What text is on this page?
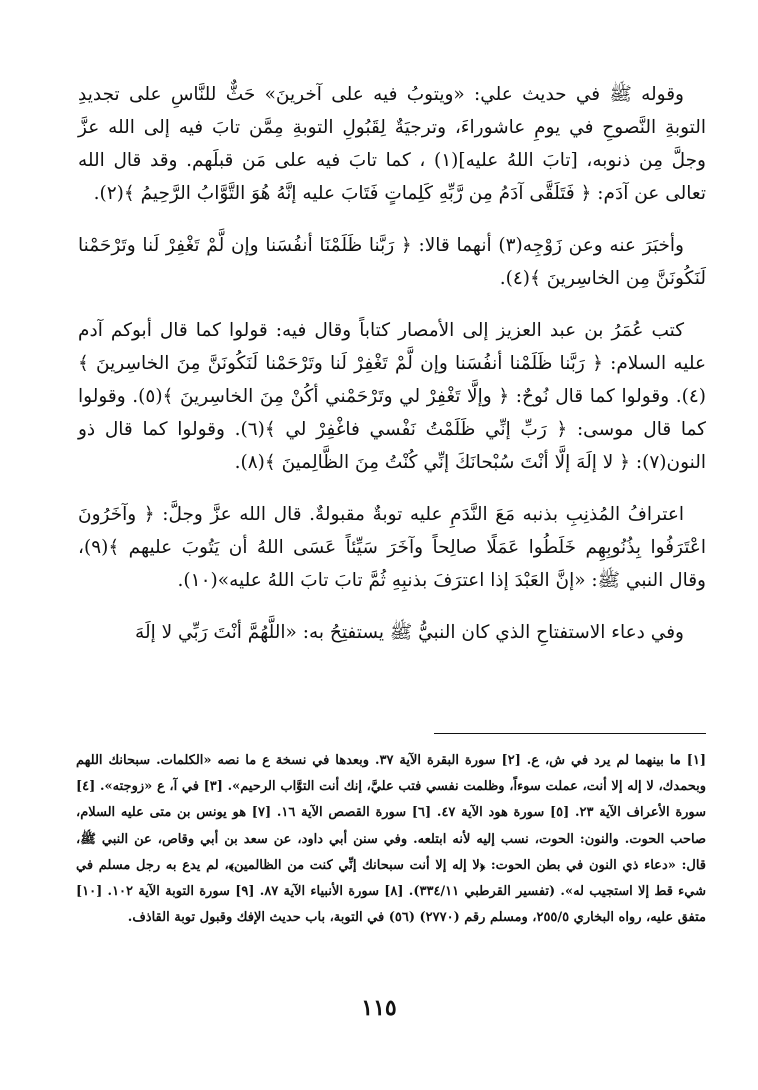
وقوله ﷺ في حديث علي: «ويتوبُ فيه على آخرينَ» حَثٌّ للنَّاسِ على تجديدِ التوبةِ النَّصوحِ في يومِ عاشوراءَ، وترجيَةٌ لِقَبُولِ التوبةِ مِمَّن تابَ فيه إلى الله عزَّ وجلَّ مِن ذنوبه، [تابَ اللهُ عليه](١) ، كما تابَ فيه على مَن قبلَهم. وقد قال الله تعالى عن آدَم: ﴿ فَتَلَقَّى آدَمُ مِن رَّبِّهِ كَلِماتٍ فَتَابَ عليه إنَّهُ هُوَ التَّوَّابُ الرَّحِيمُ ﴾(٢).

وأخبَرَ عنه وعن زَوْجِه(٣) أنهما قالا: ﴿ رَبَّنا ظَلَمْنَا أنفُسَنا وإن لَّمْ تَغْفِرْ لَنا وتَرْحَمْنا لَنَكُونَنَّ مِن الخاسِرينَ ﴾(٤).

كتب عُمَرُ بن عبد العزيز إلى الأمصار كتاباً وقال فيه: قولوا كما قال أبوكم آدم عليه السلام: ﴿ رَبَّنا ظَلَمْنا أنفُسَنا وإن لَّمْ تَغْفِرْ لَنا وتَرْحَمْنا لَنَكُونَنَّ مِنَ الخاسِرينَ ﴾(٤). وقولوا كما قال نُوحٌ: ﴿ وإلَّا تَغْفِرْ لي وتَرْحَمْني أكُنْ مِنَ الخاسِرينَ ﴾(٥). وقولوا كما قال موسى: ﴿ رَبِّ إنِّي ظَلَمْتُ نَفْسي فاغْفِرْ لي ﴾(٦). وقولوا كما قال ذو النون(٧): ﴿ لا إلَهَ إلَّا أنْتَ سُبْحانَكَ إنِّي كُنْتُ مِنَ الظَّالِمينَ ﴾(٨).

اعترافُ المُذنِبِ بذنبه مَعَ النَّدَمِ عليه توبةٌ مقبولةٌ. قال الله عزَّ وجلَّ: ﴿ وآخَرُونَ اعْتَرَفُوا بِذُنُوبِهِم خَلَطُوا عَمَلًا صالِحاً وآخَرَ سَيِّئاً عَسَى اللهُ أن يَتُوبَ عليهم ﴾(٩)، وقال النبي ﷺ: «إنَّ العَبْدَ إذا اعترَفَ بذنبِهِ ثُمَّ تابَ تابَ اللهُ عليه»(١٠).

وفي دعاء الاستفتاحِ الذي كان النبيُّ ﷺ يستفتِحُ به: «اللَّهُمَّ أنْتَ رَبِّي لا إلَهَ

[١] ما بينهما لم يرد في ش، ع. [٢] سورة البقرة الآية ٣٧. وبعدها في نسخة ع ما نصه «الكلمات. سبحانك اللهم وبحمدك، لا إله إلا أنت، عملت سوءاً، وظلمت نفسي فتب عليَّ، إنك أنت التوَّاب الرحيم». [٣] في آ، ع «زوجته». [٤] سورة الأعراف الآية ٢٣. [٥] سورة هود الآية ٤٧. [٦] سورة القصص الآية ١٦. [٧] هو يونس بن متى عليه السلام، صاحب الحوت. والنون: الحوت، نسب إليه لأنه ابتلعه. وفي سنن أبي داود، عن سعد بن أبي وقاص، عن النبي ﷺ، قال: «دعاء ذي النون في بطن الحوت: ﴿لا إله إلا أنت سبحانك إنِّي كنت من الظالمين﴾، لم يدع به رجل مسلم في شيء قط إلا استجيب له». (تفسير القرطبي ٣٣٤/١١). [٨] سورة الأنبياء الآية ٨٧. [٩] سورة التوبة الآية ١٠٢. [١٠] متفق عليه، رواه البخاري ٢٥٥/٥، ومسلم رقم (٢٧٧٠) (٥٦) في التوبة، باب حديث الإفك وقبول توبة القاذف.

١١٥
